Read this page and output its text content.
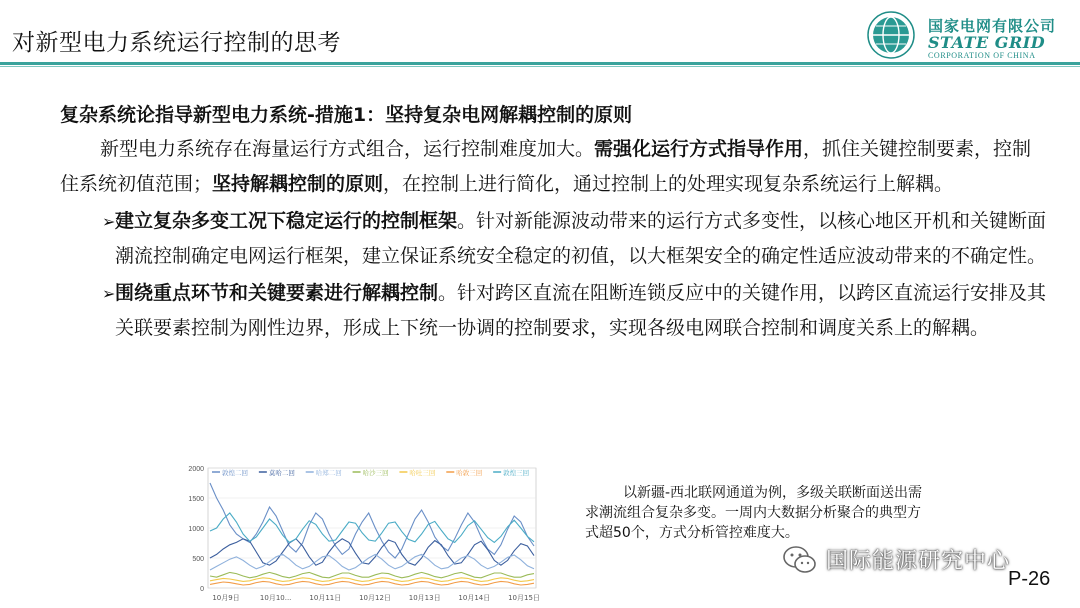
对新型电力系统运行控制的思考
国家电网有限公司
STATE GRID
CORPORATION OF CHINA
复杂系统论指导新型电力系统-措施1：坚持复杂电网解耦控制的原则
新型电力系统存在海量运行方式组合，运行控制难度加大。需强化运行方式指导作用，抓住关键控制要素，控制住系统初值范围；坚持解耦控制的原则，在控制上进行简化，通过控制上的处理实现复杂系统运行上解耦。
➢ 建立复杂多变工况下稳定运行的控制框架。针对新能源波动带来的运行方式多变性，以核心地区开机和关键断面潮流控制确定电网运行框架，建立保证系统安全稳定的初值，以大框架安全的确定性适应波动带来的不确定性。
➢ 围绕重点环节和关键要素进行解耦控制。针对跨区直流在阻断连锁反应中的关键作用，以跨区直流运行安排及其关联要素控制为刚性边界，形成上下统一协调的控制要求，实现各级电网联合控制和调度关系上的解耦。
2000
1500
1000
500
0
10月9日	10月10...	10月11日	10月12日	10月13日	10月14日	10月15日
敦煌二回	莫哈二回	哈郑二回	哈沙三回	哈吐三回	哈敦三回	敦煌三回

以新疆-西北联网通道为例，多级关联断面送出需求潮流组合复杂多变。一周内大数据分析聚合的典型方式超50个，方式分析管控难度大。

国际能源研究中心
P-26
